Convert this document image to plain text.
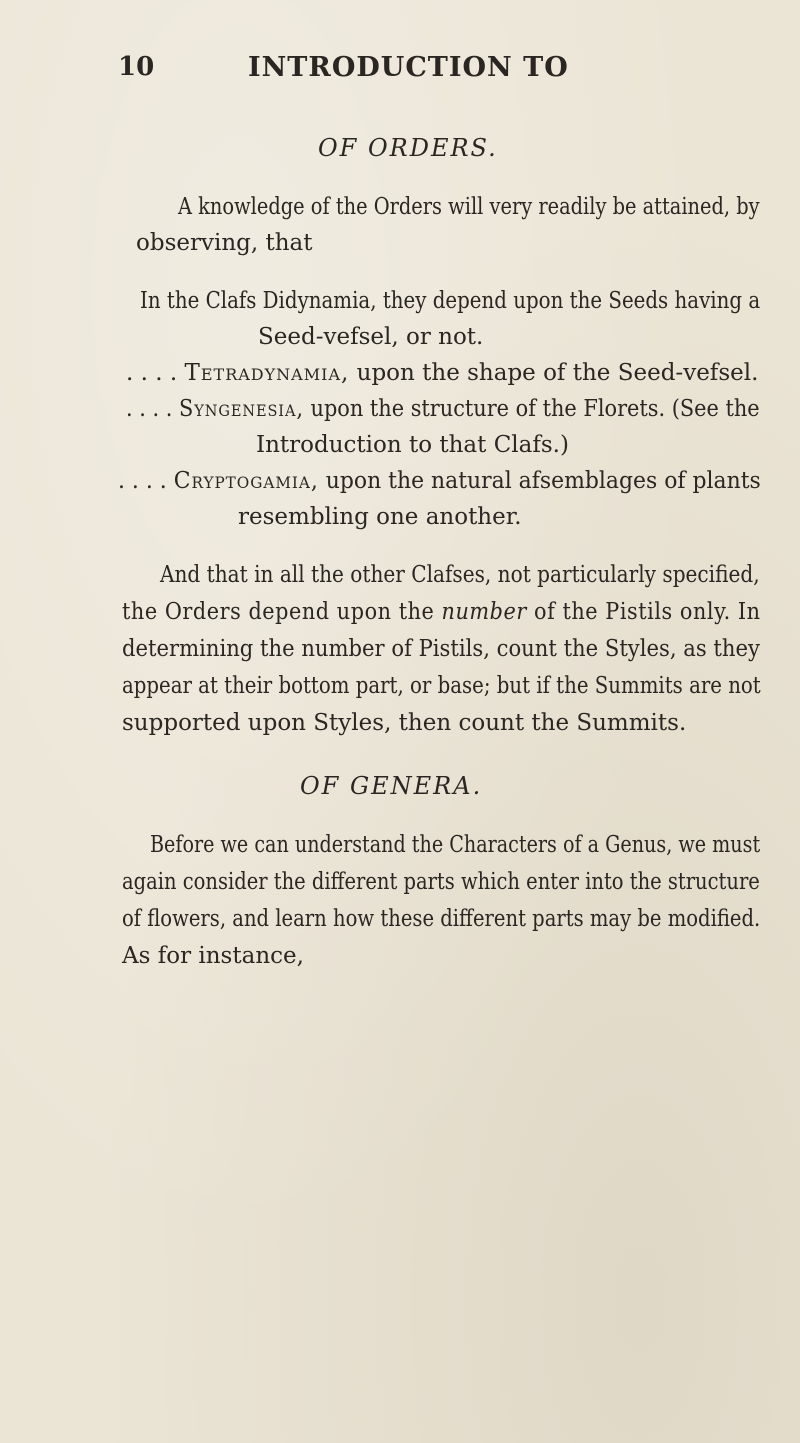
10	INTRODUCTION TO
OF ORDERS.
A knowledge of the Orders will very readily be attained, by
observing, that
In the Clafs Didynamia, they depend upon the Seeds having a
Seed-vefsel, or not.
. . . . Tetradynamia, upon the shape of the Seed-vefsel.
. . . . Syngenesia, upon the structure of the Florets. (See the
Introduction to that Clafs.)
. . . . Cryptogamia, upon the natural afsemblages of plants
resembling one another.
And that in all the other Clafses, not particularly specified,
the Orders depend upon the number of the Pistils only. In
determining the number of Pistils, count the Styles, as they
appear at their bottom part, or base; but if the Summits are not
supported upon Styles, then count the Summits.
OF GENERA.
Before we can understand the Characters of a Genus, we must
again consider the different parts which enter into the structure
of flowers, and learn how these different parts may be modified.
As for instance,
